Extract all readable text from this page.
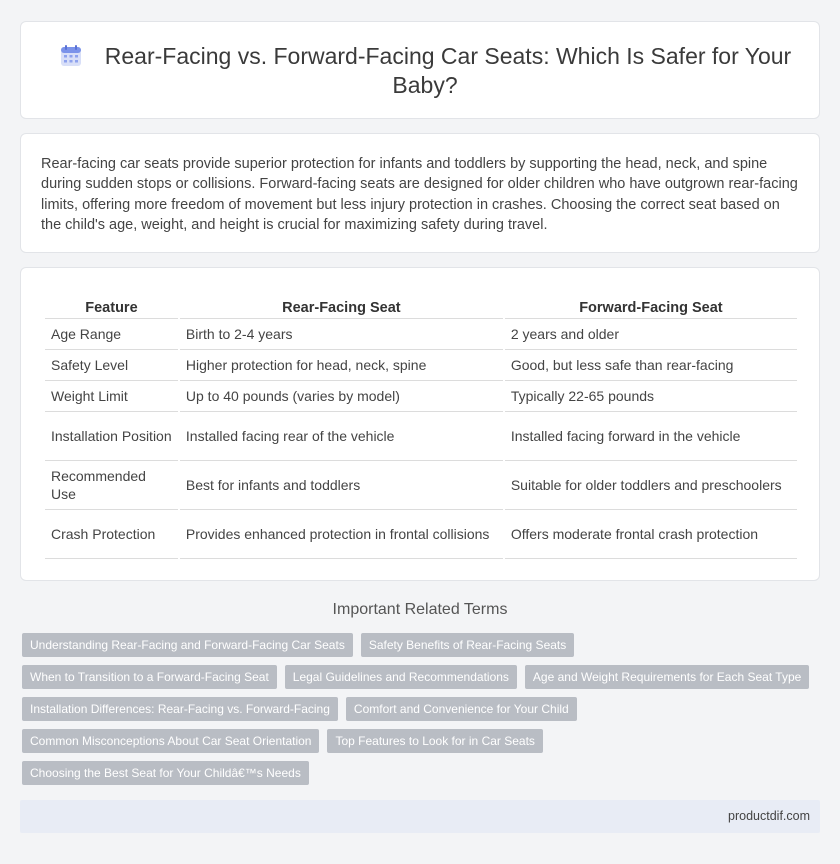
Rear-Facing vs. Forward-Facing Car Seats: Which Is Safer for Your Baby?

Rear-facing car seats provide superior protection for infants and toddlers by supporting the head, neck, and spine during sudden stops or collisions. Forward-facing seats are designed for older children who have outgrown rear-facing limits, offering more freedom of movement but less injury protection in crashes. Choosing the correct seat based on the child's age, weight, and height is crucial for maximizing safety during travel.

Feature	Rear-Facing Seat	Forward-Facing Seat
Age Range	Birth to 2-4 years	2 years and older
Safety Level	Higher protection for head, neck, spine	Good, but less safe than rear-facing
Weight Limit	Up to 40 pounds (varies by model)	Typically 22-65 pounds
Installation Position	Installed facing rear of the vehicle	Installed facing forward in the vehicle
Recommended Use	Best for infants and toddlers	Suitable for older toddlers and preschoolers
Crash Protection	Provides enhanced protection in frontal collisions	Offers moderate frontal crash protection
Important Related Terms
Understanding Rear-Facing and Forward-Facing Car Seats	Safety Benefits of Rear-Facing Seats
When to Transition to a Forward-Facing Seat	Legal Guidelines and Recommendations	Age and Weight Requirements for Each Seat Type
Installation Differences: Rear-Facing vs. Forward-Facing	Comfort and Convenience for Your Child
Common Misconceptions About Car Seat Orientation	Top Features to Look for in Car Seats
Choosing the Best Seat for Your Childâ€™s Needs
productdif.com
